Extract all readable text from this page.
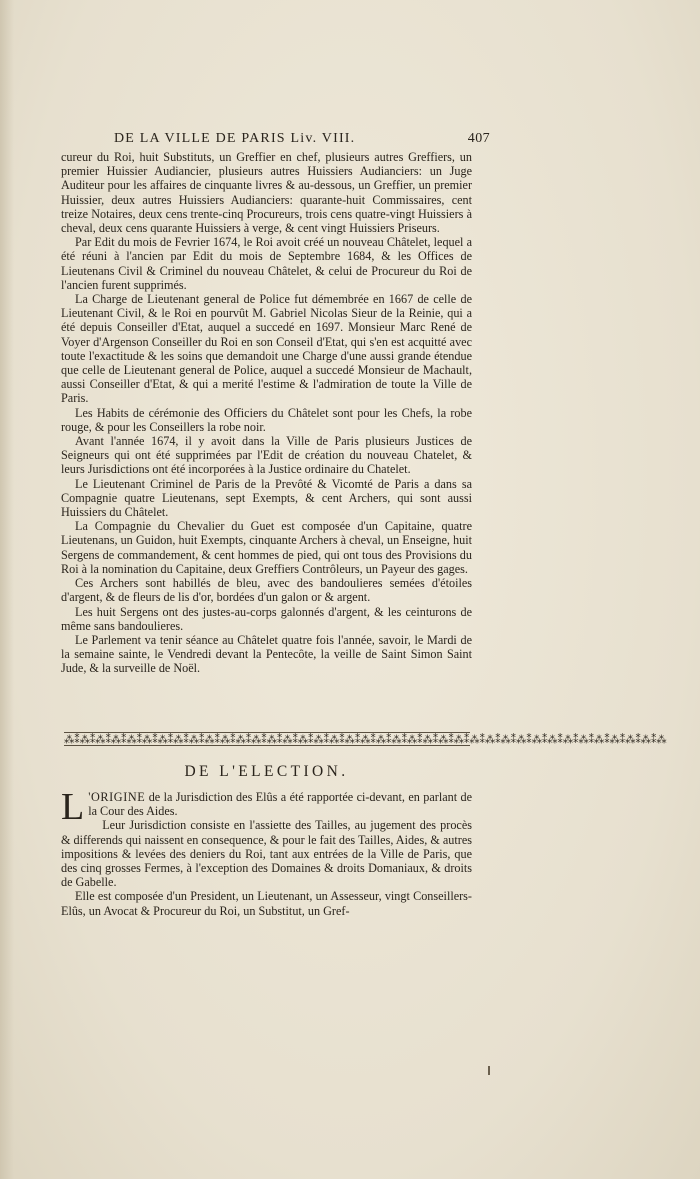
DE LA VILLE DE PARIS Liv. VIII.	407

cureur du Roi, huit Substituts, un Greffier en chef, plusieurs autres Greffiers, un premier Huissier Audiancier, plusieurs autres Huissiers Audianciers: un Juge Auditeur pour les affaires de cinquante livres & au-dessous, un Greffier, un premier Huissier, deux autres Huissiers Audianciers: quarante-huit Commissaires, cent treize Notaires, deux cens trente-cinq Procureurs, trois cens quatre-vingt Huissiers à cheval, deux cens quarante Huissiers à verge, & cent vingt Huissiers Priseurs.

Par Edit du mois de Fevrier 1674, le Roi avoit créé un nouveau Châtelet, lequel a été réuni à l'ancien par Edit du mois de Septembre 1684, & les Offices de Lieutenans Civil & Criminel du nouveau Châtelet, & celui de Procureur du Roi de l'ancien furent supprimés.

La Charge de Lieutenant general de Police fut démembrée en 1667 de celle de Lieutenant Civil, & le Roi en pourvût M. Gabriel Nicolas Sieur de la Reinie, qui a été depuis Conseiller d'Etat, auquel a succedé en 1697. Monsieur Marc René de Voyer d'Argenson Conseiller du Roi en son Conseil d'Etat, qui s'en est acquitté avec toute l'exactitude & les soins que demandoit une Charge d'une aussi grande étendue que celle de Lieutenant general de Police, auquel a succedé Monsieur de Machault, aussi Conseiller d'Etat, & qui a merité l'estime & l'admiration de toute la Ville de Paris.

Les Habits de cérémonie des Officiers du Châtelet sont pour les Chefs, la robe rouge, & pour les Conseillers la robe noir.

Avant l'année 1674, il y avoit dans la Ville de Paris plusieurs Justices de Seigneurs qui ont été supprimées par l'Edit de création du nouveau Chatelet, & leurs Jurisdictions ont été incorporées à la Justice ordinaire du Chatelet.

Le Lieutenant Criminel de Paris de la Prevôté & Vicomté de Paris a dans sa Compagnie quatre Lieutenans, sept Exempts, & cent Archers, qui sont aussi Huissiers du Châtelet.

La Compagnie du Chevalier du Guet est composée d'un Capitaine, quatre Lieutenans, un Guidon, huit Exempts, cinquante Archers à cheval, un Enseigne, huit Sergens de commandement, & cent hommes de pied, qui ont tous des Provisions du Roi à la nomination du Capitaine, deux Greffiers Contrôleurs, un Payeur des gages.

Ces Archers sont habillés de bleu, avec des bandoulieres semées d'étoiles d'argent, & de fleurs de lis d'or, bordées d'un galon or & argent.

Les huit Sergens ont des justes-au-corps galonnés d'argent, & les ceinturons de même sans bandoulieres.

Le Parlement va tenir séance au Châtelet quatre fois l'année, savoir, le Mardi de la semaine sainte, le Vendredi devant la Pentecôte, la veille de Saint Simon Saint Jude, & la surveille de Noël.

⁂⁑⁂⁑⁂⁑⁂⁑⁂⁑⁂⁑⁂⁑⁂⁑⁂⁑⁂⁑⁂⁑⁂⁑⁂⁑⁂⁑⁂⁑⁂⁑⁂⁑⁂⁑⁂⁑⁂⁑⁂⁑⁂⁑⁂⁑⁂⁑⁂⁑⁂⁑⁂⁑⁂⁑⁂⁑⁂⁑⁂⁑⁂⁑⁂⁑⁂⁑⁂⁑⁂⁑⁂⁑⁂⁑⁂
DE L'ELECTION.

L 'ORIGINE de la Jurisdiction des Elûs a été rapportée ci-devant, en parlant de la Cour des Aides.

Leur Jurisdiction consiste en l'assiette des Tailles, au jugement des procès & differends qui naissent en consequence, & pour le fait des Tailles, Aides, & autres impositions & levées des deniers du Roi, tant aux entrées de la Ville de Paris, que des cinq grosses Fermes, à l'exception des Domaines & droits Domaniaux, & droits de Gabelle.

Elle est composée d'un President, un Lieutenant, un Assesseur, vingt Conseillers-Elûs, un Avocat & Procureur du Roi, un Substitut, un Gref-
